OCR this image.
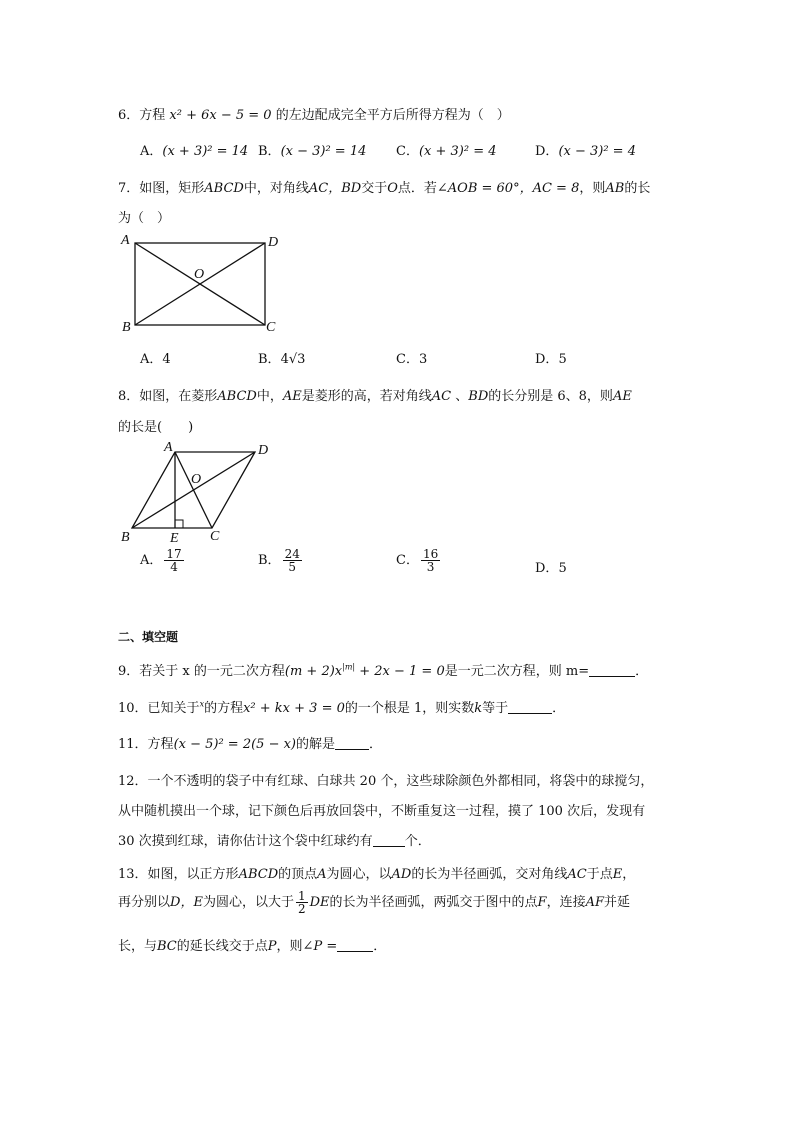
6．方程 x² + 6x − 5 = 0 的左边配成完全平方后所得方程为（　）
A．(x + 3)² = 14 B．(x − 3)² = 14 C．(x + 3)² = 4	D．(x − 3)² = 4
7．如图，矩形ABCD中，对角线AC，BD交于O点．若∠AOB = 60°，AC = 8，则AB的长
为（　）
A	D
O
B	C
A．4	B．4√3	C．3	D．5
8．如图，在菱形ABCD中，AE是菱形的高，若对角线AC 、BD的长分别是 6、8，则AE
的长是(　　)
A	D
O
B	E C
A． $\frac{17}{4}$	B． $\frac{24}{5}$	C． $\frac{16}{3}$	D．5
二、填空题
9．若关于 x 的一元二次方程$(m + 2)x^{|m|} + 2x - 1 = 0$是一元二次方程，则 m=	．
10．已知关于$^x$的方程x² + kx + 3 = 0的一个根是 1，则实数k等于	．
11．方程(x − 5)² = 2(5 − x)的解是	．
12．一个不透明的袋子中有红球、白球共 20 个，这些球除颜色外都相同，将袋中的球搅匀，
从中随机摸出一个球，记下颜色后再放回袋中，不断重复这一过程，摸了 100 次后，发现有
30 次摸到红球，请你估计这个袋中红球约有 个．
13．如图，以正方形ABCD的顶点A为圆心，以AD的长为半径画弧，交对角线AC于点E，
再分别以D，E为圆心，以大于 $\frac{1}{2}$ DE的长为半径画弧，两弧交于图中的点F，连接AF并延
长，与BC的延长线交于点P，则∠P =	．
